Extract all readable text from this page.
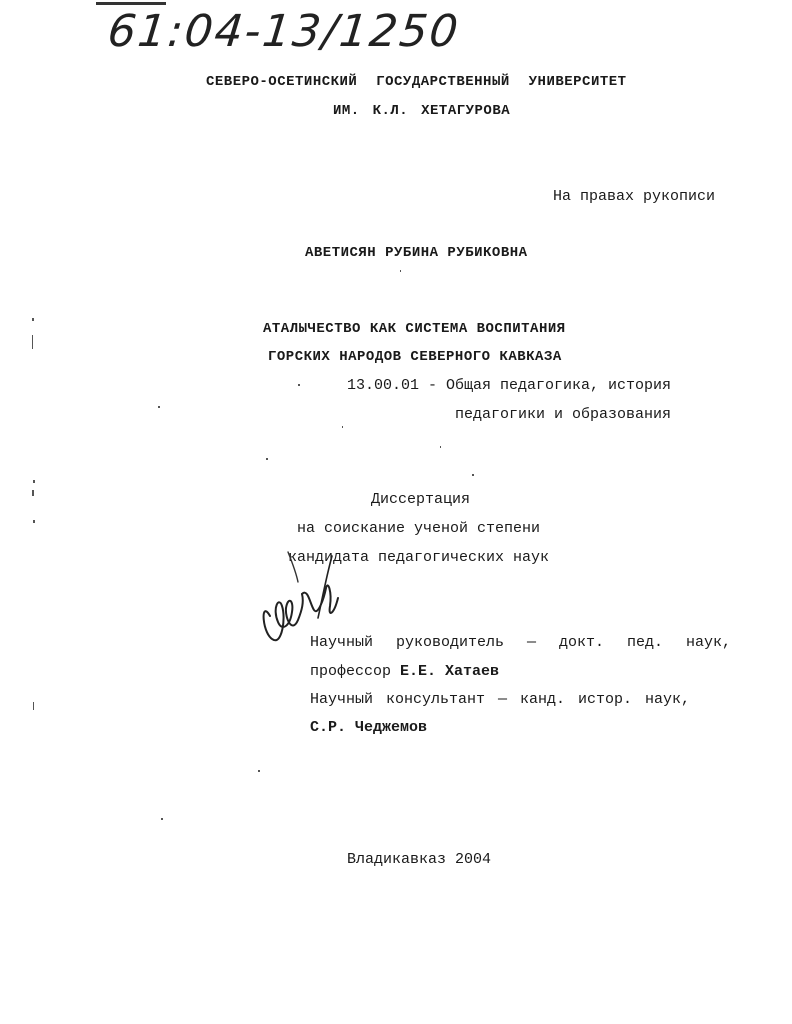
61:04-13/1250
СЕВЕРО-ОСЕТИНСКИЙ ГОСУДАРСТВЕННЫЙ УНИВЕРСИТЕТ
ИМ. К.Л. ХЕТАГУРОВА
На правах рукописи
АВЕТИСЯН РУБИНА РУБИКОВНА
АТАЛЫЧЕСТВО КАК СИСТЕМА ВОСПИТАНИЯ
ГОРСКИХ НАРОДОВ СЕВЕРНОГО КАВКАЗА
13.00.01 - Общая педагогика, история
педагогики и образования
Диссертация
на соискание ученой степени
кандидата педагогических наук
Научный руководитель — докт. пед. наук,
профессор Е.Е. Хатаев
Научный консультант — канд. истор. наук,
С.Р. Чеджемов
Владикавказ 2004
